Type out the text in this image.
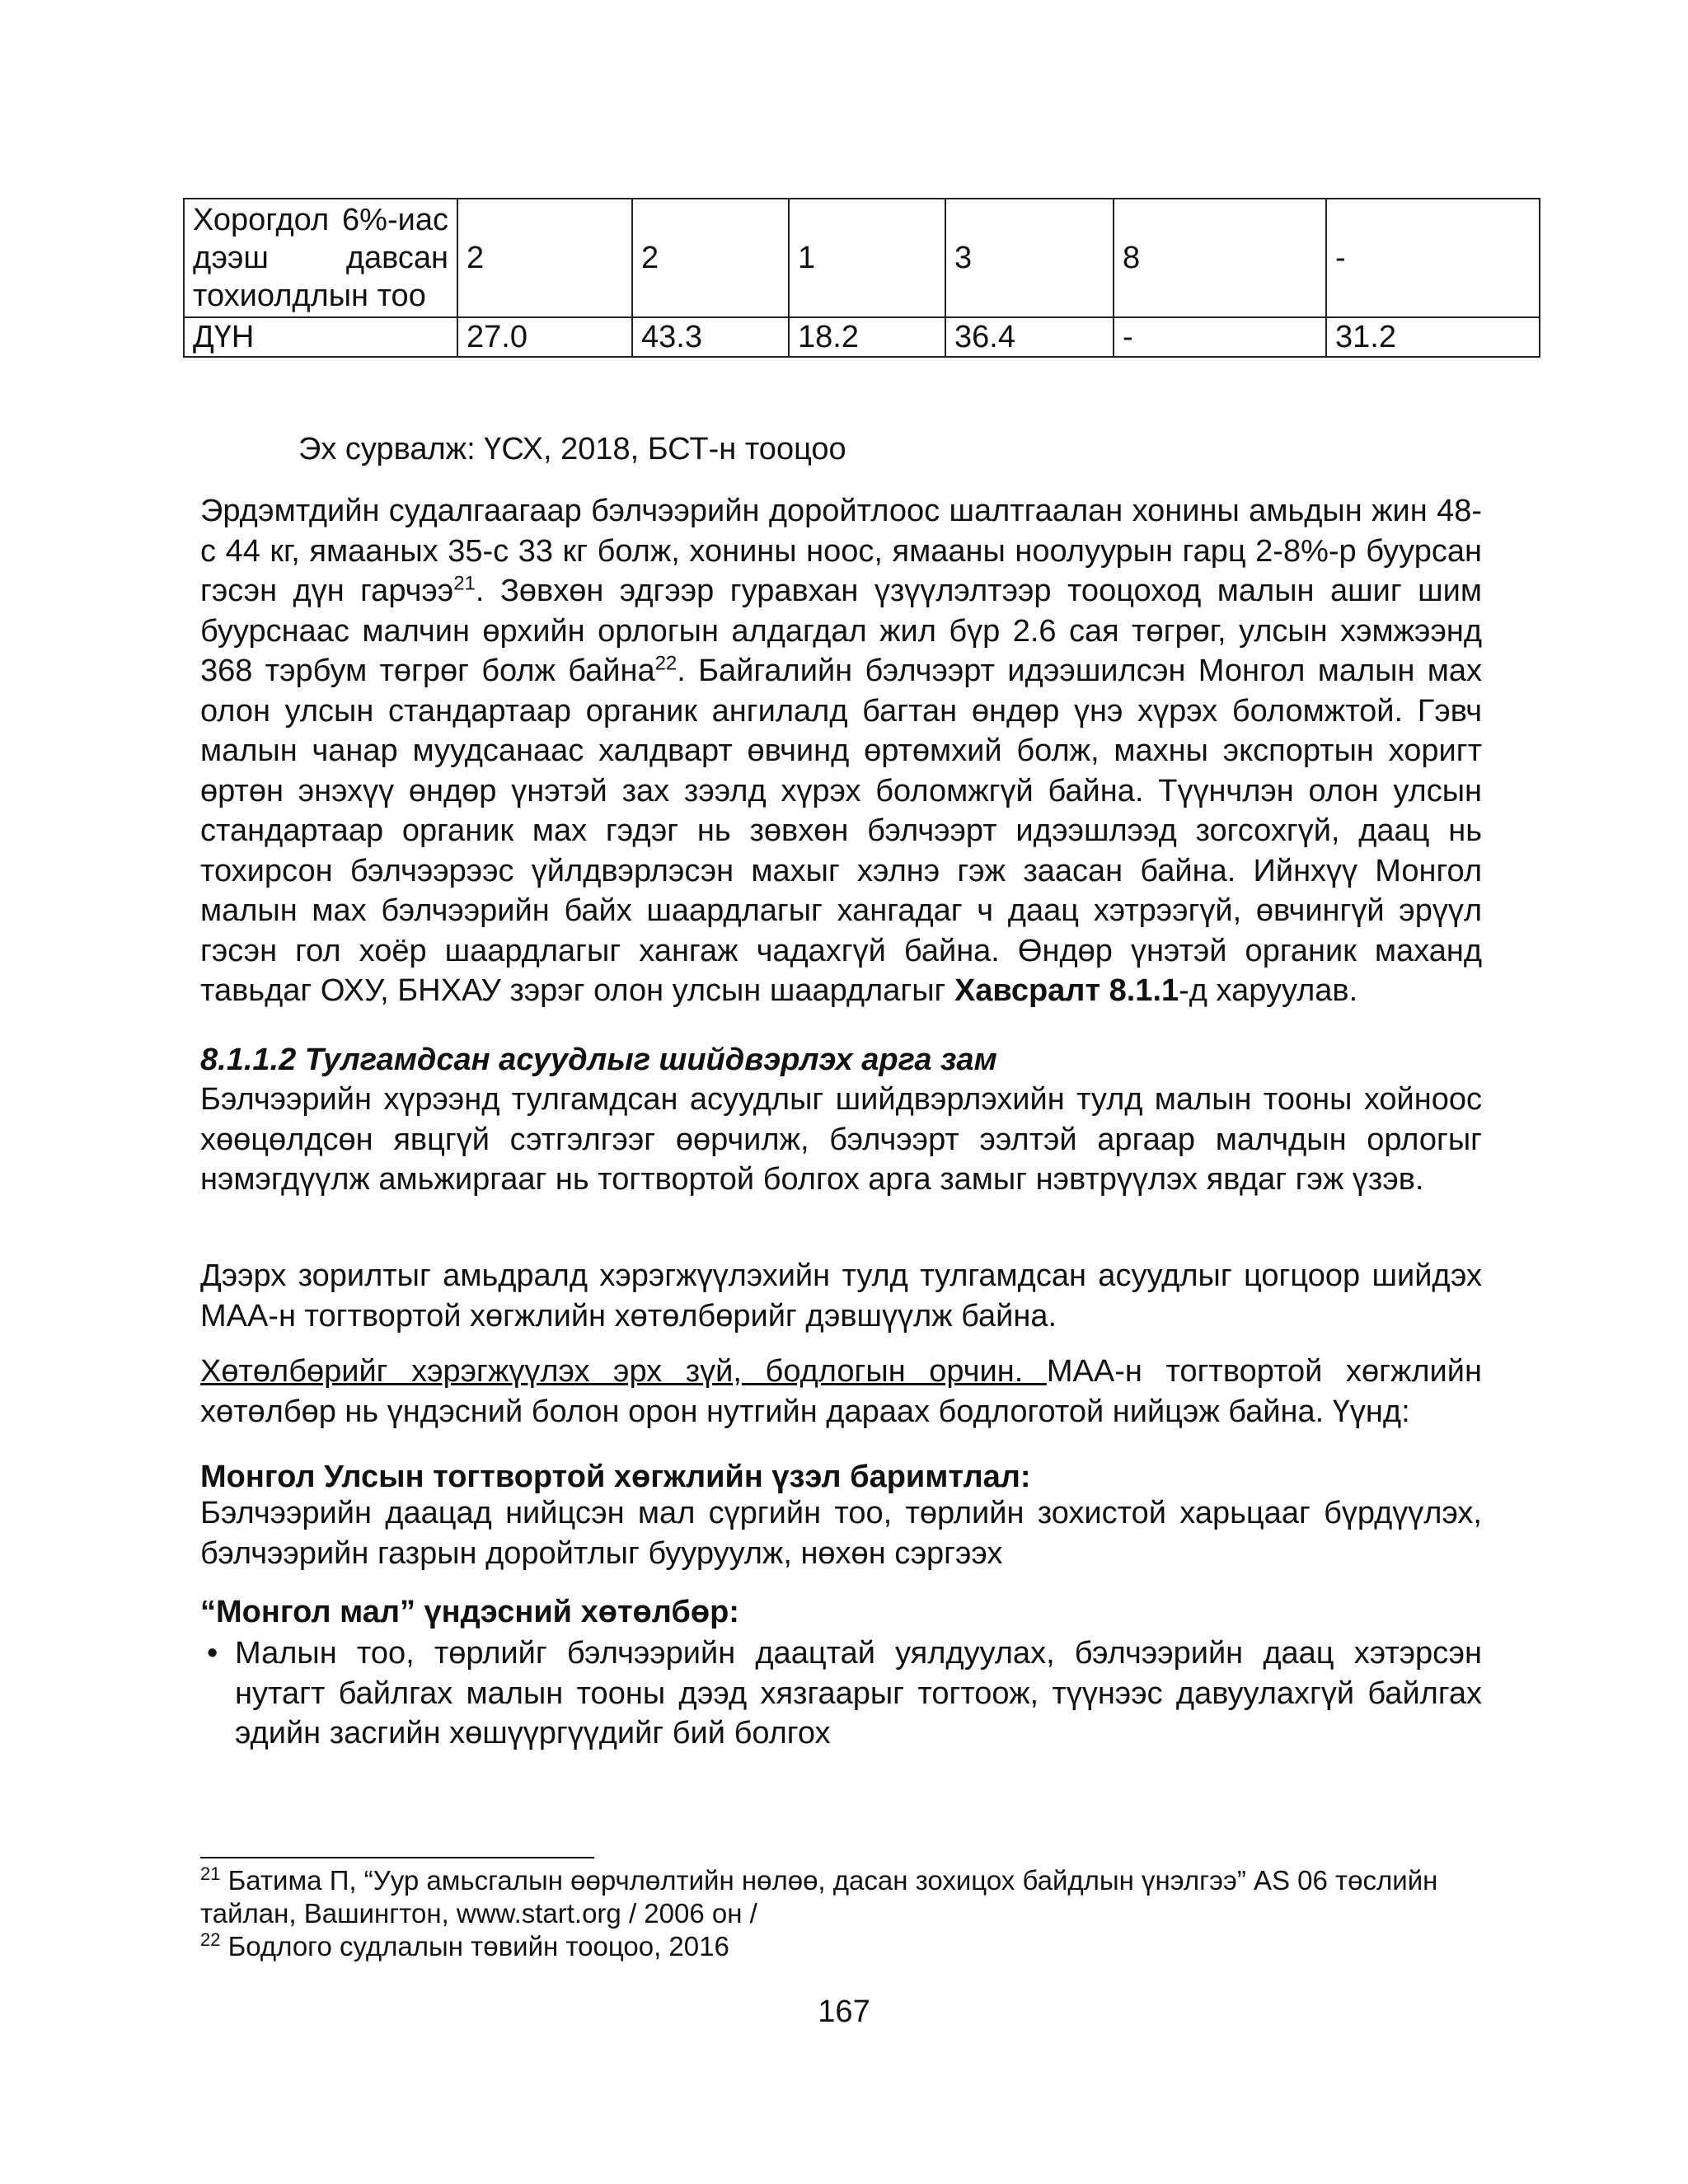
Хорогдол 6%-иас дээш давсан тохиолдлын тоо	2	2	1	3	8	-
ДҮН	27.0	43.3	18.2	36.4	-	31.2
Эх сурвалж: ҮСХ, 2018, БСТ-н тооцоо

Эрдэмтдийн судалгаагаар бэлчээрийн доройтлоос шалтгаалан хонины амьдын жин 48-с 44 кг, ямааных 35-с 33 кг болж, хонины ноос, ямааны ноолуурын гарц 2-8%-р буурсан гэсэн дүн гарчээ$^{21}$. Зөвхөн эдгээр гуравхан үзүүлэлтээр тооцоход малын ашиг шим буурснаас малчин өрхийн орлогын алдагдал жил бүр 2.6 сая төгрөг, улсын хэмжээнд 368 тэрбум төгрөг болж байна$^{22}$. Байгалийн бэлчээрт идээшилсэн Монгол малын мах олон улсын стандартаар органик ангилалд багтан өндөр үнэ хүрэх боломжтой. Гэвч малын чанар муудсанаас халдварт өвчинд өртөмхий болж, махны экспортын хоригт өртөн энэхүү өндөр үнэтэй зах зээлд хүрэх боломжгүй байна. Түүнчлэн олон улсын стандартаар органик мах гэдэг нь зөвхөн бэлчээрт идээшлээд зогсохгүй, даац нь тохирсон бэлчээрээс үйлдвэрлэсэн махыг хэлнэ гэж заасан байна. Ийнхүү Монгол малын мах бэлчээрийн байх шаардлагыг хангадаг ч даац хэтрээгүй, өвчингүй эрүүл гэсэн гол хоёр шаардлагыг хангаж чадахгүй байна. Өндөр үнэтэй органик маханд тавьдаг ОХУ, БНХАУ зэрэг олон улсын шаардлагыг Хавсралт 8.1.1-д харуулав.

8.1.1.2 Тулгамдсан асуудлыг шийдвэрлэх арга зам

Бэлчээрийн хүрээнд тулгамдсан асуудлыг шийдвэрлэхийн тулд малын тооны хойноос хөөцөлдсөн явцгүй сэтгэлгээг өөрчилж, бэлчээрт ээлтэй аргаар малчдын орлогыг нэмэгдүүлж амьжиргааг нь тогтвортой болгох арга замыг нэвтрүүлэх явдаг гэж үзэв.

Дээрх зорилтыг амьдралд хэрэгжүүлэхийн тулд тулгамдсан асуудлыг цогцоор шийдэх МАА-н тогтвортой хөгжлийн хөтөлбөрийг дэвшүүлж байна.

Хөтөлбөрийг хэрэгжүүлэх эрх зүй, бодлогын орчин. МАА-н тогтвортой хөгжлийн хөтөлбөр нь үндэсний болон орон нутгийн дараах бодлоготой нийцэж байна. Үүнд:

Монгол Улсын тогтвортой хөгжлийн үзэл баримтлал:

Бэлчээрийн даацад нийцсэн мал сүргийн тоо, төрлийн зохистой харьцааг бүрдүүлэх, бэлчээрийн газрын доройтлыг бууруулж, нөхөн сэргээх

“Монгол мал” үндэсний хөтөлбөр:

• Малын тоо, төрлийг бэлчээрийн даацтай уялдуулах, бэлчээрийн даац хэтэрсэн нутагт байлгах малын тооны дээд хязгаарыг тогтоож, түүнээс давуулахгүй байлгах эдийн засгийн хөшүүргүүдийг бий болгох

$^{21}$ Батима П, “Уур амьсгалын өөрчлөлтийн нөлөө, дасан зохицох байдлын үнэлгээ” AS 06 төслийн тайлан, Вашингтон, www.start.org / 2006 он /

$^{22}$ Бодлого судлалын төвийн тооцоо, 2016

167
